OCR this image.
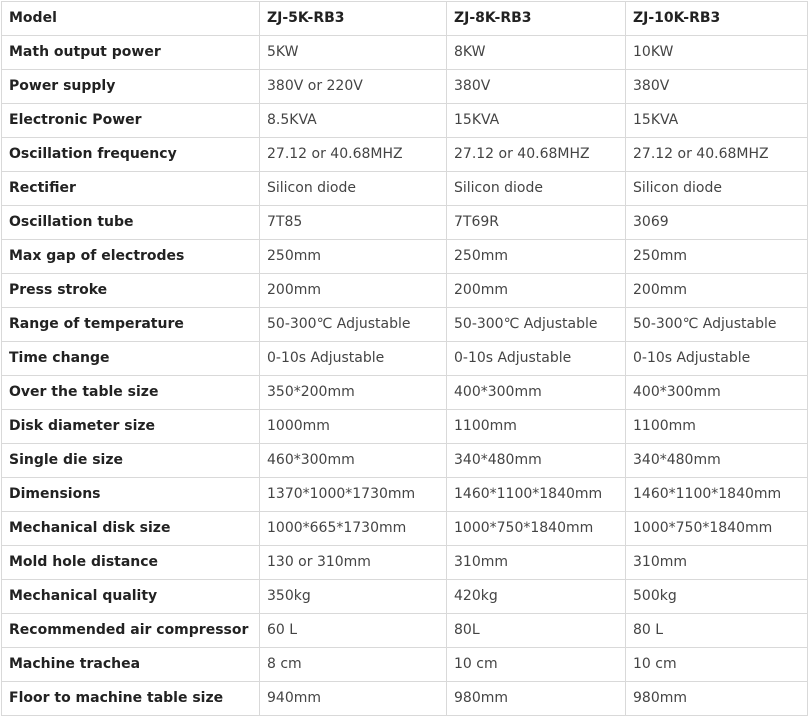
Model	ZJ-5K-RB3	ZJ-8K-RB3	ZJ-10K-RB3
Math output power	5KW	8KW	10KW
Power supply	380V or 220V	380V	380V
Electronic Power	8.5KVA	15KVA	15KVA
Oscillation frequency	27.12 or 40.68MHZ	27.12 or 40.68MHZ	27.12 or 40.68MHZ
Rectifier	Silicon diode	Silicon diode	Silicon diode
Oscillation tube	7T85	7T69R	3069
Max gap of electrodes	250mm	250mm	250mm
Press stroke	200mm	200mm	200mm
Range of temperature	50-300℃ Adjustable	50-300℃ Adjustable	50-300℃ Adjustable
Time change	0-10s Adjustable	0-10s Adjustable	0-10s Adjustable
Over the table size	350*200mm	400*300mm	400*300mm
Disk diameter size	1000mm	1100mm	1100mm
Single die size	460*300mm	340*480mm	340*480mm
Dimensions	1370*1000*1730mm	1460*1100*1840mm	1460*1100*1840mm
Mechanical disk size	1000*665*1730mm	1000*750*1840mm	1000*750*1840mm
Mold hole distance	130 or 310mm	310mm	310mm
Mechanical quality	350kg	420kg	500kg
Recommended air compressor	60 L	80L	80 L
Machine trachea	8 cm	10 cm	10 cm
Floor to machine table size	940mm	980mm	980mm
